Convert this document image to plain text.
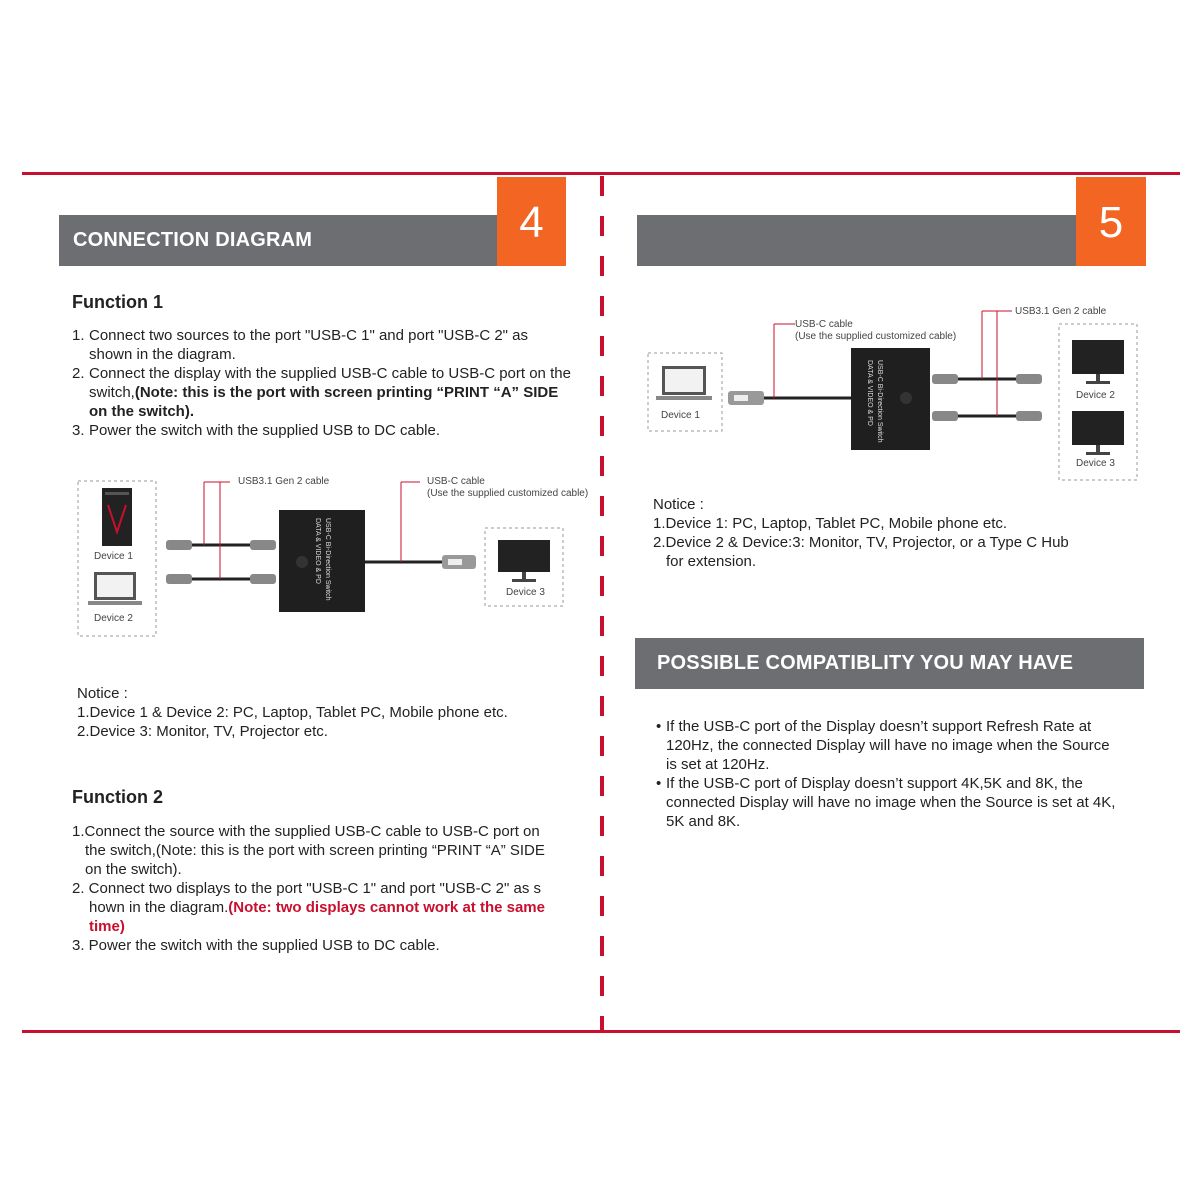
CONNECTION DIAGRAM	4
Function 1
1. Connect two sources to the port "USB-C 1" and port "USB-C 2" as shown in the diagram.
2. Connect the display with the supplied USB-C cable to USB-C port on the switch,(Note: this is the port with screen printing “PRINT “A” SIDE on the switch).
3. Power the switch with the supplied USB to DC cable.
USB-C Bi-Direction Switch
DATA & VIDEO & PD
USB3.1 Gen 2 cable	USB-C cable
(Use the supplied customized cable)
Device 1
Device 2
Device 3
Notice :
1.Device 1 & Device 2: PC, Laptop, Tablet PC, Mobile phone etc.
2.Device 3: Monitor, TV, Projector etc.
Function 2
1.Connect the source with the supplied USB-C cable to USB-C port on
the switch,(Note: this is the port with screen printing “PRINT “A” SIDE
on the switch).
2. Connect two displays to the port "USB-C 1" and port "USB-C 2" as s
hown in the diagram.(Note: two displays cannot work at the same
time)
3. Power the switch with the supplied USB to DC cable.
5
USB-C Bi-Direction Switch
DATA & VIDEO & PD
USB-C cable
(Use the supplied customized cable)
USB3.1 Gen 2 cable
Device 1
Device 2
Device 3
Notice :
1.Device 1: PC, Laptop, Tablet PC, Mobile phone etc.
2.Device 2 & Device:3: Monitor, TV, Projector, or a Type C Hub
for extension.
POSSIBLE COMPATIBLITY YOU MAY HAVE
• If the USB-C port of the Display doesn’t support Refresh Rate at
120Hz, the connected Display will have no image when the Source
is set at 120Hz.
• If the USB-C port of Display doesn’t support 4K,5K and 8K, the
connected Display will have no image when the Source is set at 4K,
5K and 8K.
